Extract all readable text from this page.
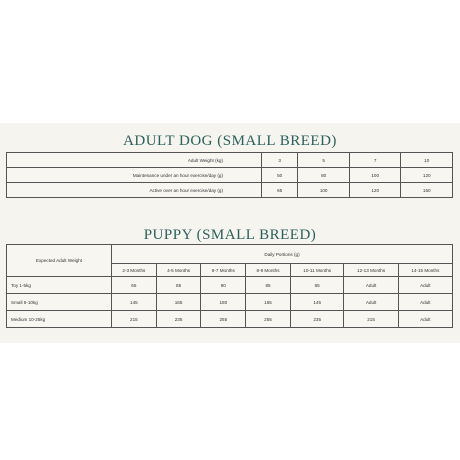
ADULT DOG (SMALL BREED)
Adult Weight (kg)	3	5	7	10
Maintenance under an hour exercise/day (g)	50	80	100	120
Active over an hour exercise/day (g)	65	100	120	150
PUPPY (SMALL BREED)
Expected Adult Weight	Daily Portions (g)						
	2-3 Months	4-5 Months	6-7 Months	8-9 Months	10-11 Months	12-13 Months	14-15 Months
Toy 1-5kg	65	85	90	85	65	Adult	Adult
Small 5-10kg	145	165	180	165	145	Adult	Adult
Medium 10-25kg	215	235	255	255	235	215	Adult
